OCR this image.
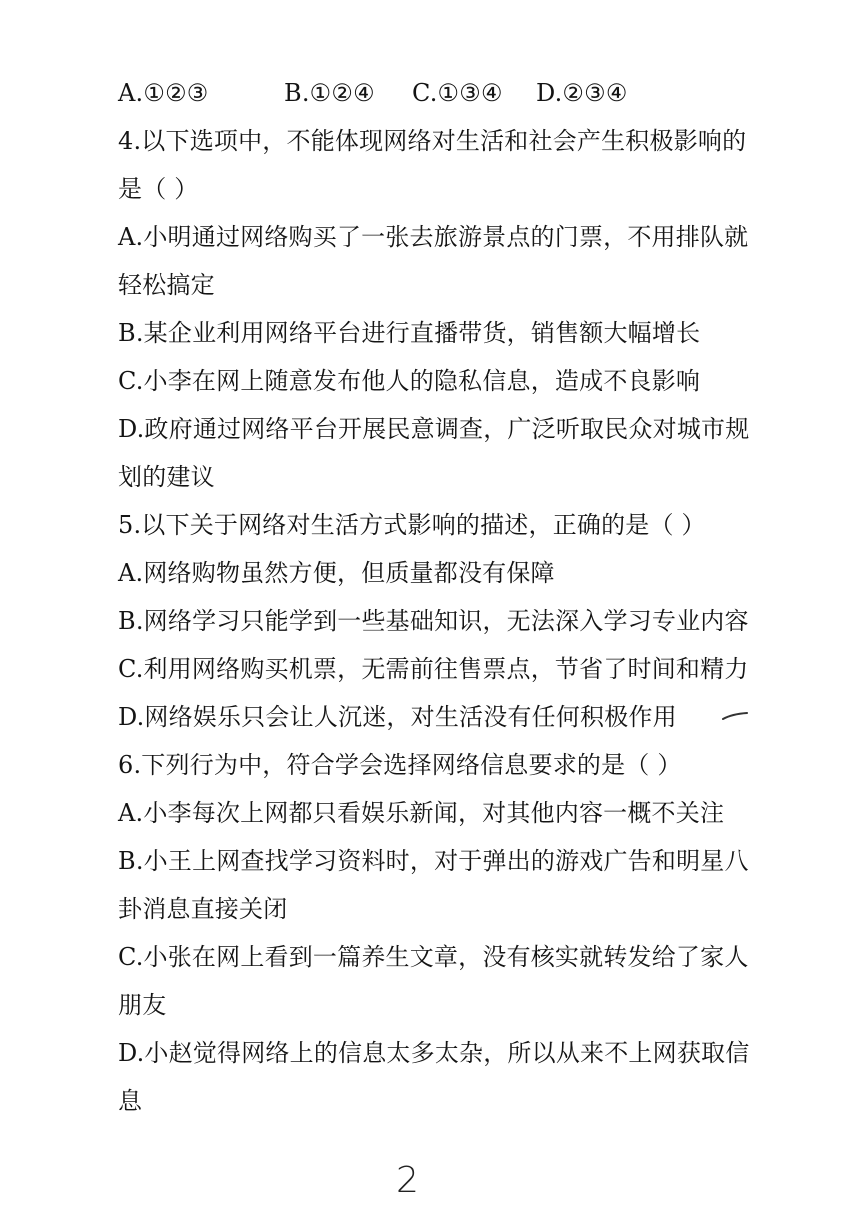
A.①②③	B.①②④	C.①③④	D.②③④
4.以下选项中，不能体现网络对生活和社会产生积极影响的
是（ ）
A.小明通过网络购买了一张去旅游景点的门票，不用排队就
轻松搞定
B.某企业利用网络平台进行直播带货，销售额大幅增长
C.小李在网上随意发布他人的隐私信息，造成不良影响
D.政府通过网络平台开展民意调查，广泛听取民众对城市规
划的建议
5.以下关于网络对生活方式影响的描述，正确的是（ ）
A.网络购物虽然方便，但质量都没有保障
B.网络学习只能学到一些基础知识，无法深入学习专业内容
C.利用网络购买机票，无需前往售票点，节省了时间和精力
D.网络娱乐只会让人沉迷，对生活没有任何积极作用
6.下列行为中，符合学会选择网络信息要求的是（ ）
A.小李每次上网都只看娱乐新闻，对其他内容一概不关注
B.小王上网查找学习资料时，对于弹出的游戏广告和明星八
卦消息直接关闭
C.小张在网上看到一篇养生文章，没有核实就转发给了家人
朋友
D.小赵觉得网络上的信息太多太杂，所以从来不上网获取信
息
2
